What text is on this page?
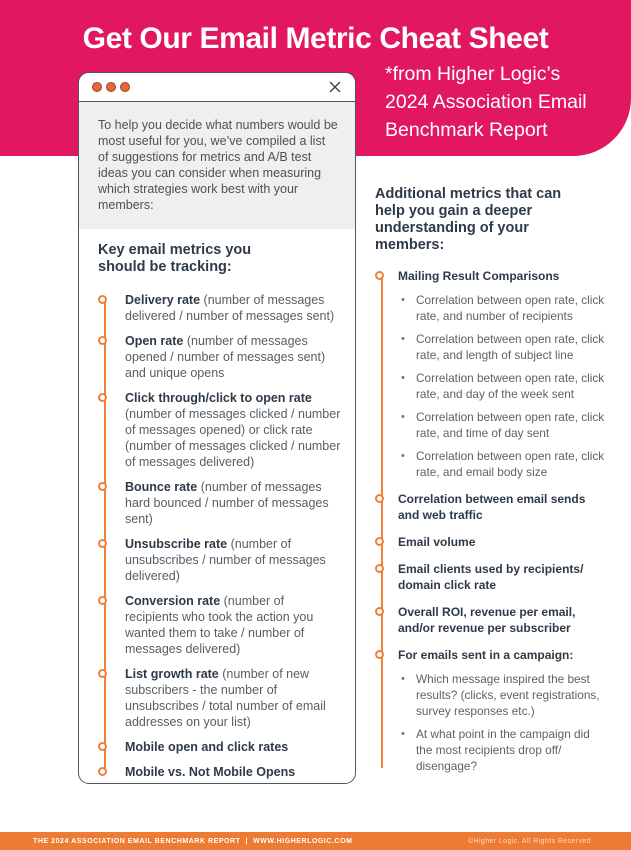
Get Our Email Metric Cheat Sheet
*from Higher Logic’s 2024 Association Email Benchmark Report
To help you decide what numbers would be most useful for you, we’ve compiled a list of suggestions for metrics and A/B test ideas you can consider when measuring which strategies work best with your members:
Key email metrics you should be tracking:
Delivery rate (number of messages delivered / number of messages sent)
Open rate (number of messages opened / number of messages sent) and unique opens
Click through/click to open rate (number of messages clicked / number of messages opened) or click rate (number of messages clicked / number of messages delivered)
Bounce rate (number of messages hard bounced / number of messages sent)
Unsubscribe rate (number of unsubscribes / number of messages delivered)
Conversion rate (number of recipients who took the action you wanted them to take / number of messages delivered)
List growth rate (number of new subscribers - the number of unsubscribes / total number of email addresses on your list)
Mobile open and click rates
Mobile vs. Not Mobile Opens
Additional metrics that can help you gain a deeper understanding of your members:
Mailing Result Comparisons
• Correlation between open rate, click rate, and number of recipients
• Correlation between open rate, click rate, and length of subject line
• Correlation between open rate, click rate, and day of the week sent
• Correlation between open rate, click rate, and time of day sent
• Correlation between open rate, click rate, and email body size
Correlation between email sends and web traffic
Email volume
Email clients used by recipients/ domain click rate
Overall ROI, revenue per email, and/or revenue per subscriber
For emails sent in a campaign:
• Which message inspired the best results? (clicks, event registrations, survey responses etc.)
• At what point in the campaign did the most recipients drop off/ disengage?
THE 2024 ASSOCIATION EMAIL BENCHMARK REPORT | WWW.HIGHERLOGIC.COM	©Higher Logic. All Rights Reserved
